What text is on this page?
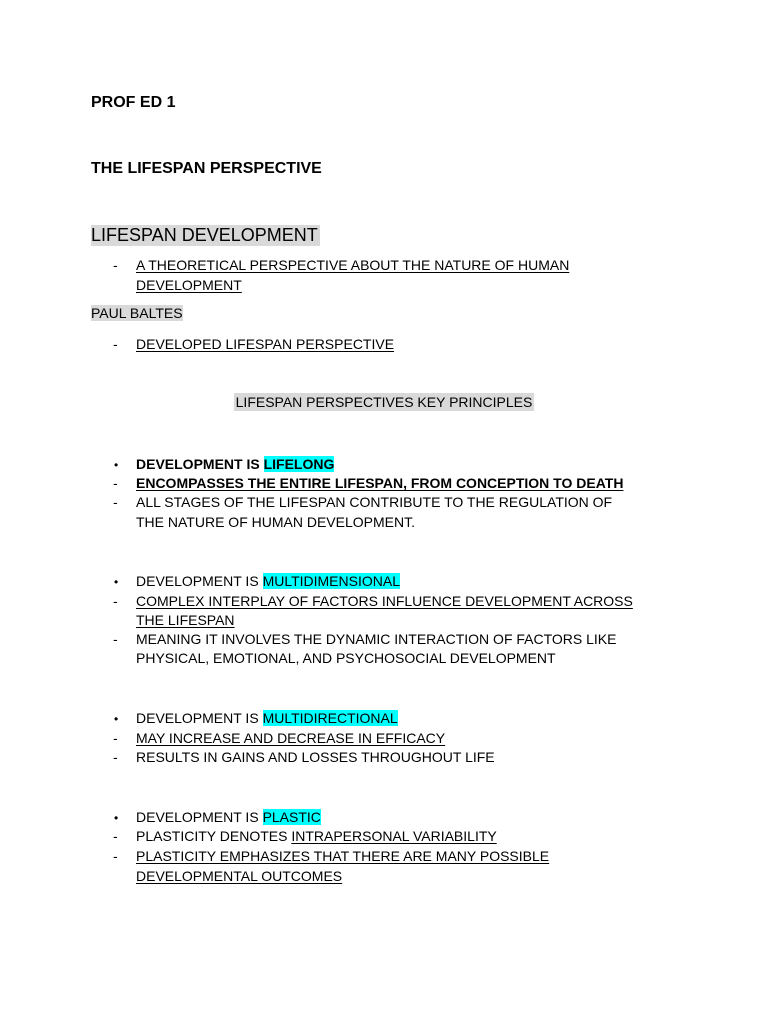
PROF ED 1
THE LIFESPAN PERSPECTIVE
LIFESPAN DEVELOPMENT
- A THEORETICAL PERSPECTIVE ABOUT THE NATURE OF HUMAN
DEVELOPMENT
PAUL BALTES
- DEVELOPED LIFESPAN PERSPECTIVE
LIFESPAN PERSPECTIVES KEY PRINCIPLES
• DEVELOPMENT IS LIFELONG
- ENCOMPASSES THE ENTIRE LIFESPAN, FROM CONCEPTION TO DEATH
- ALL STAGES OF THE LIFESPAN CONTRIBUTE TO THE REGULATION OF
THE NATURE OF HUMAN DEVELOPMENT.
• DEVELOPMENT IS MULTIDIMENSIONAL
- COMPLEX INTERPLAY OF FACTORS INFLUENCE DEVELOPMENT ACROSS
THE LIFESPAN
- MEANING IT INVOLVES THE DYNAMIC INTERACTION OF FACTORS LIKE
PHYSICAL, EMOTIONAL, AND PSYCHOSOCIAL DEVELOPMENT
• DEVELOPMENT IS MULTIDIRECTIONAL
- MAY INCREASE AND DECREASE IN EFFICACY
- RESULTS IN GAINS AND LOSSES THROUGHOUT LIFE
• DEVELOPMENT IS PLASTIC
- PLASTICITY DENOTES INTRAPERSONAL VARIABILITY
- PLASTICITY EMPHASIZES THAT THERE ARE MANY POSSIBLE
DEVELOPMENTAL OUTCOMES
